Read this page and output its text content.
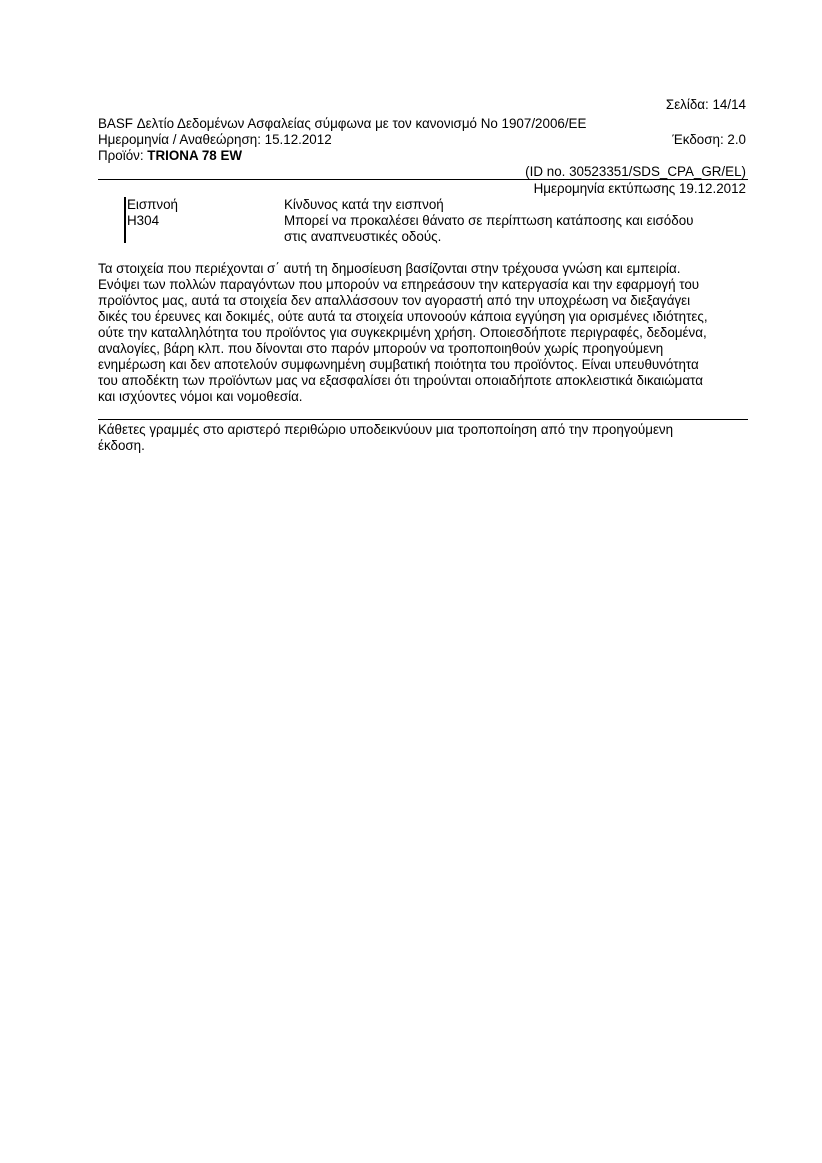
Σελίδα: 14/14
BASF Δελτίο Δεδομένων Ασφαλείας σύμφωνα με τον κανονισμό Νο 1907/2006/ΕΕ
Ημερομηνία / Αναθεώρηση: 15.12.2012	Έκδοση: 2.0
Προϊόν: TRIONA 78 EW
(ID no. 30523351/SDS_CPA_GR/EL)
Ημερομηνία εκτύπωσης 19.12.2012
Εισπνοή	Κίνδυνος κατά την εισπνοή
H304	Μπορεί να προκαλέσει θάνατο σε περίπτωση κατάποσης και εισόδου
στις αναπνευστικές οδούς.
Τα στοιχεία που περιέχονται σ΄ αυτή τη δημοσίευση βασίζονται στην τρέχουσα γνώση και εμπειρία.
Ενόψει των πολλών παραγόντων που μπορούν να επηρεάσουν την κατεργασία και την εφαρμογή του
προϊόντος μας, αυτά τα στοιχεία δεν απαλλάσσουν τον αγοραστή από την υποχρέωση να διεξαγάγει
δικές του έρευνες και δοκιμές, ούτε αυτά τα στοιχεία υπονοούν κάποια εγγύηση για ορισμένες ιδιότητες,
ούτε την καταλληλότητα του προϊόντος για συγκεκριμένη χρήση. Οποιεσδήποτε περιγραφές, δεδομένα,
αναλογίες, βάρη κλπ. που δίνονται στο παρόν μπορούν να τροποποιηθούν χωρίς προηγούμενη
ενημέρωση και δεν αποτελούν συμφωνημένη συμβατική ποιότητα του προϊόντος. Είναι υπευθυνότητα
του αποδέκτη των προϊόντων μας να εξασφαλίσει ότι τηρούνται οποιαδήποτε αποκλειστικά δικαιώματα
και ισχύοντες νόμοι και νομοθεσία.
Κάθετες γραμμές στο αριστερό περιθώριο υποδεικνύουν μια τροποποίηση από την προηγούμενη
έκδοση.
